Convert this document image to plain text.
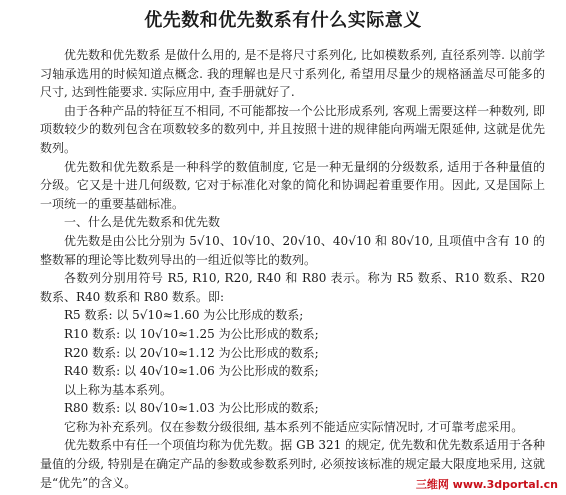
优先数和优先数系有什么实际意义

优先数和优先数系 是做什么用的, 是不是将尺寸系列化, 比如模数系列, 直径系列等. 以前学习轴承选用的时候知道点概念. 我的理解也是尺寸系列化, 希望用尽量少的规格涵盖尽可能多的尺寸, 达到性能要求. 实际应用中, 查手册就好了.

由于各种产品的特征互不相同, 不可能都按一个公比形成系列, 客观上需要这样一种数列, 即项数较少的数列包含在项数较多的数列中, 并且按照十进的规律能向两端无限延伸, 这就是优先数列。

优先数和优先数系是一种科学的数值制度, 它是一种无量纲的分级数系, 适用于各种量值的分级。它又是十进几何级数, 它对于标准化对象的简化和协调起着重要作用。因此, 又是国际上一项统一的重要基础标准。

一、什么是优先数系和优先数

优先数是由公比分别为 5√10、10√10、20√10、40√10 和 80√10, 且项值中含有 10 的整数幂的理论等比数列导出的一组近似等比的数列。

各数列分别用符号 R5, R10, R20, R40 和 R80 表示。称为 R5 数系、R10 数系、R20 数系、R40 数系和 R80 数系。即:

R5 数系: 以 5√10≈1.60 为公比形成的数系;

R10 数系: 以 10√10≈1.25 为公比形成的数系;

R20 数系: 以 20√10≈1.12 为公比形成的数系;

R40 数系: 以 40√10≈1.06 为公比形成的数系;

以上称为基本系列。

R80 数系: 以 80√10≈1.03 为公比形成的数系;

它称为补充系列。仅在参数分级很细, 基本系列不能适应实际情况时, 才可靠考虑采用。

优先数系中有任一个项值均称为优先数。据 GB 321 的规定, 优先数和优先数系适用于各种量值的分级, 特别是在确定产品的参数或参数系列时, 必须按该标准的规定最大限度地采用, 这就是“优先”的含义。	三维网 www.3dportal.cn
